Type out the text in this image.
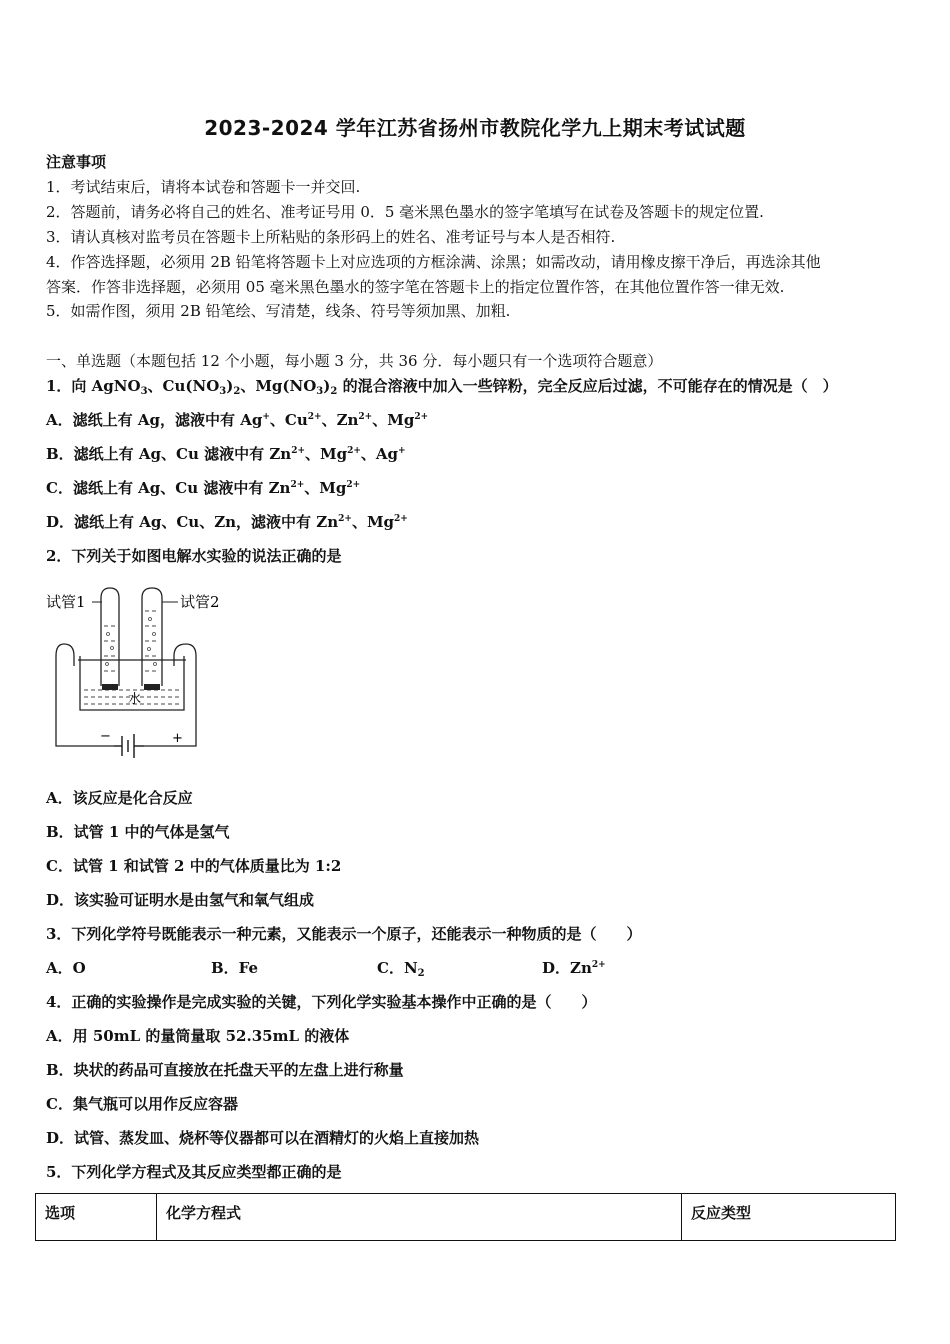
2023-2024 学年江苏省扬州市教院化学九上期末考试试题
注意事项
1．考试结束后，请将本试卷和答题卡一并交回.
2．答题前，请务必将自己的姓名、准考证号用 0．5 毫米黑色墨水的签字笔填写在试卷及答题卡的规定位置.
3．请认真核对监考员在答题卡上所粘贴的条形码上的姓名、准考证号与本人是否相符.
4．作答选择题，必须用 2B 铅笔将答题卡上对应选项的方框涂满、涂黑；如需改动，请用橡皮擦干净后，再选涂其他
答案．作答非选择题，必须用 05 毫米黑色墨水的签字笔在答题卡上的指定位置作答，在其他位置作答一律无效.
5．如需作图，须用 2B 铅笔绘、写清楚，线条、符号等须加黑、加粗.
一、单选题（本题包括 12 个小题，每小题 3 分，共 36 分．每小题只有一个选项符合题意）
1．向 AgNO$_3$、$Cu(NO_3)_2$、$Mg(NO_3)_2$ 的混合溶液中加入一些锌粉，完全反应后过滤，不可能存在的情况是（　）
A．滤纸上有 Ag，滤液中有 Ag+、$Cu^{2+}$、$Zn^{2+}$、$Mg^{2+}$
B．滤纸上有 Ag、Cu 滤液中有 $Zn^{2+}$、$Mg^{2+}$、Ag+
C．滤纸上有 Ag、Cu 滤液中有 $Zn^{2+}$、$Mg^{2+}$
D．滤纸上有 Ag、Cu、Zn，滤液中有 $Zn^{2+}$、$Mg^{2+}$
2．下列关于如图电解水实验的说法正确的是
试管1	试管2
水
−	+
A．该反应是化合反应
B．试管 1 中的气体是氢气
C．试管 1 和试管 2 中的气体质量比为 1:2
D．该实验可证明水是由氢气和氧气组成
3．下列化学符号既能表示一种元素，又能表示一个原子，还能表示一种物质的是（　　）
A．O	B．Fe	C．$N_2$	D．$Zn^{2+}$
4．正确的实验操作是完成实验的关键，下列化学实验基本操作中正确的是（　　）
A．用 50mL 的量筒量取 52.35mL 的液体
B．块状的药品可直接放在托盘天平的左盘上进行称量
C．集气瓶可以用作反应容器
D．试管、蒸发皿、烧杯等仪器都可以在酒精灯的火焰上直接加热
5．下列化学方程式及其反应类型都正确的是
选项	化学方程式	反应类型
